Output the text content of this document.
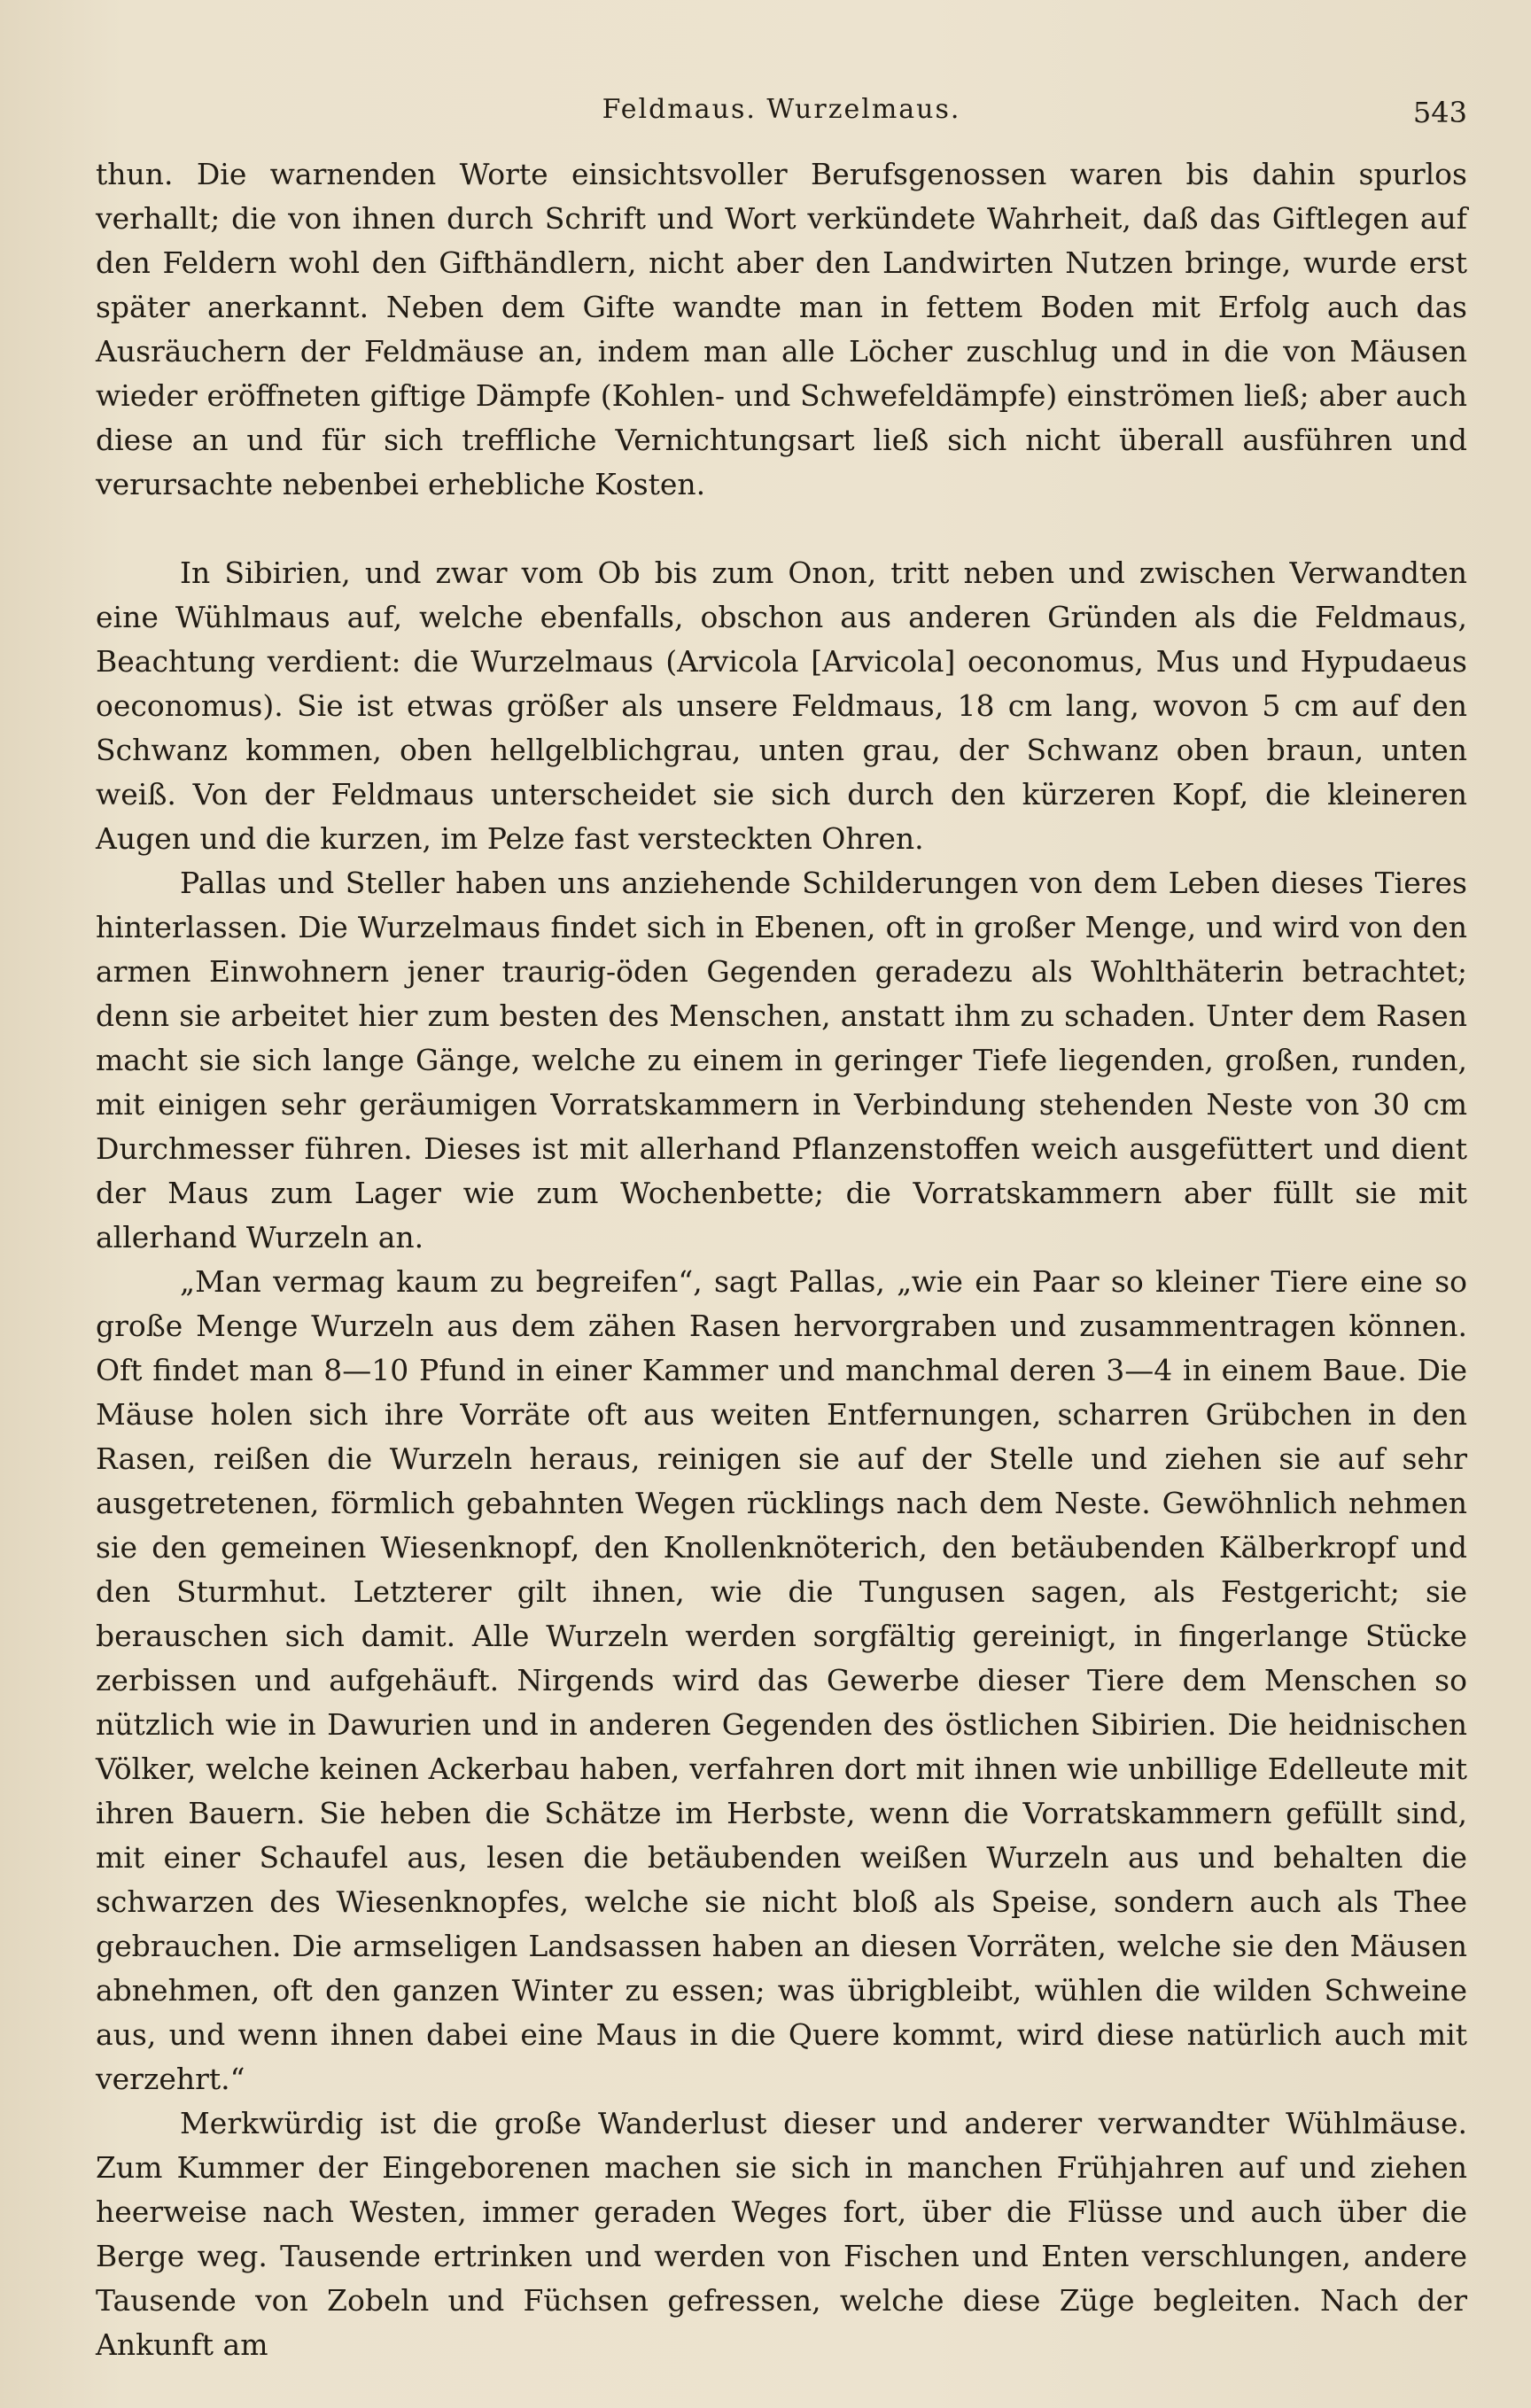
Feldmaus. Wurzelmaus.	543

thun. Die warnenden Worte einsichtsvoller Berufsgenossen waren bis dahin spurlos verhallt; die von ihnen durch Schrift und Wort verkündete Wahrheit, daß das Giftlegen auf den Feldern wohl den Gifthändlern, nicht aber den Landwirten Nutzen bringe, wurde erst später anerkannt. Neben dem Gifte wandte man in fettem Boden mit Erfolg auch das Ausräuchern der Feldmäuse an, indem man alle Löcher zuschlug und in die von Mäusen wieder eröffneten giftige Dämpfe (Kohlen- und Schwefeldämpfe) einströmen ließ; aber auch diese an und für sich treffliche Vernichtungsart ließ sich nicht überall ausführen und verursachte nebenbei erhebliche Kosten.

In Sibirien, und zwar vom Ob bis zum Onon, tritt neben und zwischen Verwandten eine Wühlmaus auf, welche ebenfalls, obschon aus anderen Gründen als die Feldmaus, Beachtung verdient: die Wurzelmaus (Arvicola [Arvicola] oeconomus, Mus und Hypudaeus oeconomus). Sie ist etwas größer als unsere Feldmaus, 18 cm lang, wovon 5 cm auf den Schwanz kommen, oben hellgelblichgrau, unten grau, der Schwanz oben braun, unten weiß. Von der Feldmaus unterscheidet sie sich durch den kürzeren Kopf, die kleineren Augen und die kurzen, im Pelze fast versteckten Ohren.

Pallas und Steller haben uns anziehende Schilderungen von dem Leben dieses Tieres hinterlassen. Die Wurzelmaus findet sich in Ebenen, oft in großer Menge, und wird von den armen Einwohnern jener traurig-öden Gegenden geradezu als Wohlthäterin betrachtet; denn sie arbeitet hier zum besten des Menschen, anstatt ihm zu schaden. Unter dem Rasen macht sie sich lange Gänge, welche zu einem in geringer Tiefe liegenden, großen, runden, mit einigen sehr geräumigen Vorratskammern in Verbindung stehenden Neste von 30 cm Durchmesser führen. Dieses ist mit allerhand Pflanzenstoffen weich ausgefüttert und dient der Maus zum Lager wie zum Wochenbette; die Vorratskammern aber füllt sie mit allerhand Wurzeln an.

„Man vermag kaum zu begreifen“, sagt Pallas, „wie ein Paar so kleiner Tiere eine so große Menge Wurzeln aus dem zähen Rasen hervorgraben und zusammentragen können. Oft findet man 8—10 Pfund in einer Kammer und manchmal deren 3—4 in einem Baue. Die Mäuse holen sich ihre Vorräte oft aus weiten Entfernungen, scharren Grübchen in den Rasen, reißen die Wurzeln heraus, reinigen sie auf der Stelle und ziehen sie auf sehr ausgetretenen, förmlich gebahnten Wegen rücklings nach dem Neste. Gewöhnlich nehmen sie den gemeinen Wiesenknopf, den Knollenknöterich, den betäubenden Kälberkropf und den Sturmhut. Letzterer gilt ihnen, wie die Tungusen sagen, als Festgericht; sie berauschen sich damit. Alle Wurzeln werden sorgfältig gereinigt, in fingerlange Stücke zerbissen und aufgehäuft. Nirgends wird das Gewerbe dieser Tiere dem Menschen so nützlich wie in Dawurien und in anderen Gegenden des östlichen Sibirien. Die heidnischen Völker, welche keinen Ackerbau haben, verfahren dort mit ihnen wie unbillige Edelleute mit ihren Bauern. Sie heben die Schätze im Herbste, wenn die Vorratskammern gefüllt sind, mit einer Schaufel aus, lesen die betäubenden weißen Wurzeln aus und behalten die schwarzen des Wiesenknopfes, welche sie nicht bloß als Speise, sondern auch als Thee gebrauchen. Die armseligen Landsassen haben an diesen Vorräten, welche sie den Mäusen abnehmen, oft den ganzen Winter zu essen; was übrigbleibt, wühlen die wilden Schweine aus, und wenn ihnen dabei eine Maus in die Quere kommt, wird diese natürlich auch mit verzehrt.“

Merkwürdig ist die große Wanderlust dieser und anderer verwandter Wühlmäuse. Zum Kummer der Eingeborenen machen sie sich in manchen Frühjahren auf und ziehen heerweise nach Westen, immer geraden Weges fort, über die Flüsse und auch über die Berge weg. Tausende ertrinken und werden von Fischen und Enten verschlungen, andere Tausende von Zobeln und Füchsen gefressen, welche diese Züge begleiten. Nach der Ankunft am
